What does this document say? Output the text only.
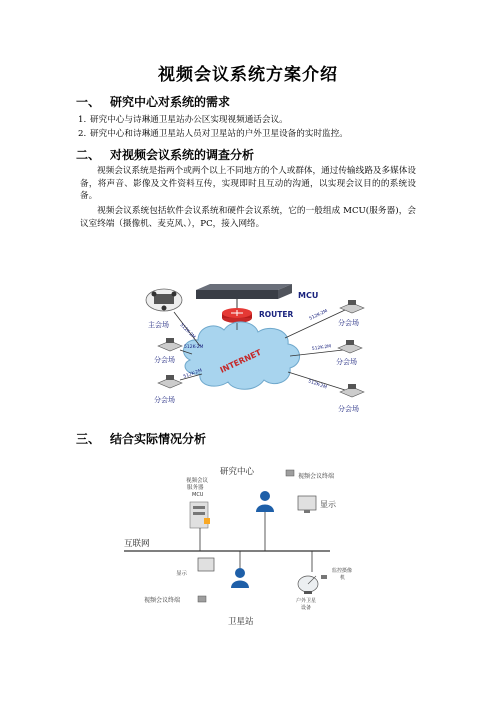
视频会议系统方案介绍
一、 研究中心对系统的需求
1. 研究中心与诗琳通卫星站办公区实现视频通话会议。
2. 研究中心和诗琳通卫星站人员对卫星站的户外卫星设备的实时监控。
二、 对视频会议系统的调查分析
视频会议系统是指两个或两个以上不同地方的个人或群体，通过传输线路及多媒体设备，将声音、影像及文件资料互传，实现即时且互动的沟通，以实现会议目的的系统设备。
视频会议系统包括软件会议系统和硬件会议系统，它的一般组成 MCU(服务器)，会议室终端（摄像机、麦克风、），PC，接入网络。
MCU
ROUTER
INTERNET
512K-2M
512K-2M
512K-2M
512K-2M
512K-2M
512K-2M
主会场
分会场
分会场
分会场
分会场
分会场
三、 结合实际情况分析
研究中心	视频会议终端
视频会议
服务器
MCU
显示
互联网
显示
视频会议终端
监控摄像
机
户外卫星
设备
卫星站
